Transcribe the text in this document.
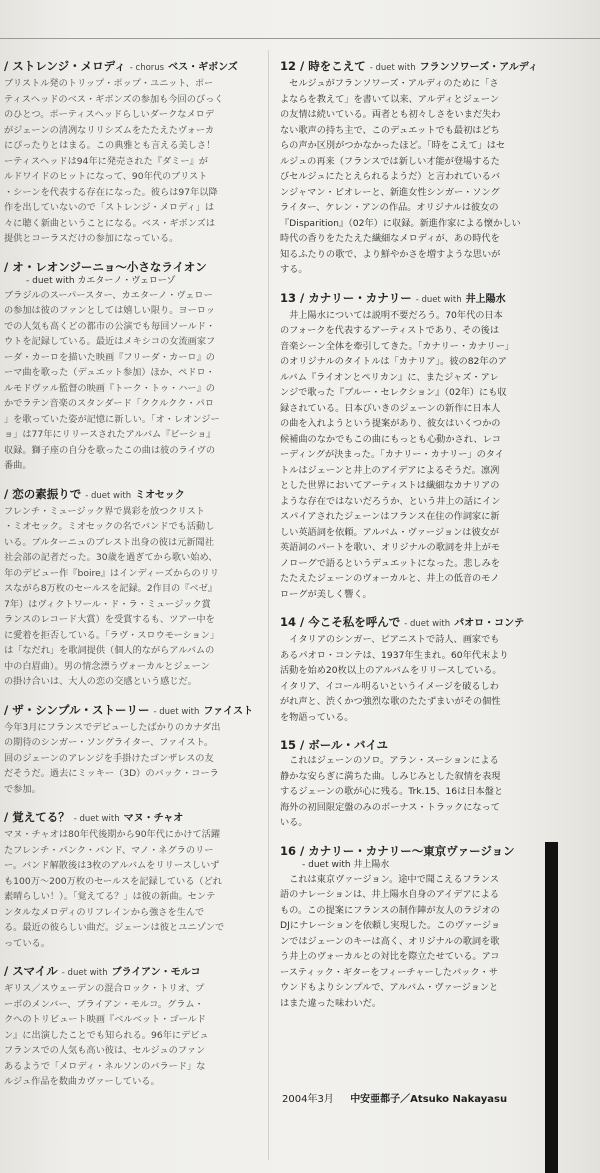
/ ストレンジ・メロディ - chorus ベス・ギボンズ
ブリストル発のトリップ・ポップ・ユニット、ポー
ティスヘッドのベス・ギボンズの参加も今回のびっく
のひとつ。ポーティスヘッドらしいダークなメロデ
がジェーンの清冽なリリシズムをたたえたヴォーカ
にぴったりとはまる。この典雅とも言える美しさ！
ーティスヘッドは94年に発売された『ダミー』が
ルドワイドのヒットになって、90年代のブリスト
・シーンを代表する存在になった。彼らは97年以降
作を出していないので「ストレンジ・メロディ」は
々に聴く新曲ということになる。ベス・ギボンズは
提供とコーラスだけの参加になっている。
/ オ・レオンジーニョ〜小さなライオン
- duet with カエターノ・ヴェローゾ
ブラジルのスーパースター、カエターノ・ヴェロー
の参加は彼のファンとしては嬉しい限り。ヨーロッ
での人気も高くどの都市の公演でも毎回ソールド・
ウトを記録している。最近はメキシコの女流画家フ
ーダ・カーロを描いた映画『フリーダ・カーロ』の
ーマ曲を歌った（デュエット参加）ほか、ペドロ・
ルモドヴァル監督の映画『トーク・トゥ・ハー』の
かでラテン音楽のスタンダード「ククルクク・パロ
」を歌っていた姿が記憶に新しい。「オ・レオンジー
ョ」は77年にリリースされたアルバム『ビーショ』
収録。獅子座の自分を歌ったこの曲は彼のライヴの
番曲。
/ 恋の素振りで - duet with ミオセック
フレンチ・ミュージック界で異彩を放つクリスト
・ミオセック。ミオセックの名でバンドでも活動し
いる。ブルターニュのブレスト出身の彼は元新聞社
社会部の記者だった。30歳を過ぎてから歌い始め、
年のデビュー作『boire』はインディーズからのリリ
スながら8万枚のセールスを記録。2作目の『ベゼ』
7年）はヴィクトワール・ド・ラ・ミュージック賞
ランスのレコード大賞）を受賞するも、ツアー中を
に愛着を拒否している。「ラヴ・スロウモーション」
は「なだれ」を歌詞提供（個人的ながらアルバムの
中の白眉曲）。男の情念漂うヴォーカルとジェーン
の掛け合いは、大人の恋の交感という感じだ。
/ ザ・シンプル・ストーリー - duet with ファイスト
今年3月にフランスでデビューしたばかりのカナダ出
の期待のシンガー・ソングライター、ファイスト。
回のジェーンのアレンジを手掛けたゴンザレスの友
だそうだ。過去にミッキー（3D）のバック・コーラ
で参加。
/ 覚えてる？ - duet with マヌ・チャオ
マヌ・チャオは80年代後期から90年代にかけて活躍
たフレンチ・パンク・バンド、マノ・ネグラのリー
ー。バンド解散後は3枚のアルバムをリリースしいず
も100万〜200万枚のセールスを記録している（どれ
素晴らしい！）。「覚えてる？」は彼の新曲。センテ
ンタルなメロディのリフレインから強さを生んで
る。最近の彼らしい曲だ。ジェーンは彼とユニゾンで
っている。
/ スマイル - duet with ブライアン・モルコ
ギリス／スウェーデンの混合ロック・トリオ、プ
ーボのメンバー、ブライアン・モルコ。グラム・
クへのトリビュート映画『ベルベット・ゴールド
ン』に出演したことでも知られる。96年にデビュ
フランスでの人気も高い彼は、セルジュのファン
あるようで「メロディ・ネルソンのバラード」な
ルジュ作品を数曲カヴァーしている。
12 / 時をこえて - duet with フランソワーズ・アルディ
　セルジュがフランソワーズ・アルディのために「さ
よならを教えて」を書いて以来、アルディとジェーン
の友情は続いている。両者とも初々しさをいまだ失わ
ない歌声の持ち主で、このデュエットでも最初はどち
らの声か区別がつかなかったほど。「時をこえて」はセ
ルジュの再来（フランスでは新しい才能が登場するた
びセルジュにたとえられるようだ）と言われているバ
ンジャマン・ビオレーと、新進女性シンガー・ソング
ライター、ケレン・アンの作品。オリジナルは彼女の
『Disparition』（02年）に収録。新進作家による懐かしい
時代の香りをたたえた繊細なメロディが、あの時代を
知るふたりの歌で、より鮮やかさを増すような思いが
する。
13 / カナリー・カナリー - duet with 井上陽水
　井上陽水については説明不要だろう。70年代の日本
のフォークを代表するアーティストであり、その後は
音楽シーン全体を牽引してきた。「カナリー・カナリー」
のオリジナルのタイトルは「カナリア」。彼の82年のア
ルバム『ライオンとペリカン』に、またジャズ・アレ
ンジで歌った『ブルー・セレクション』（02年）にも収
録されている。日本びいきのジェーンの新作に日本人
の曲を入れようという提案があり、彼女はいくつかの
候補曲のなかでもこの曲にもっとも心動かされ、レコ
ーディングが決まった。「カナリー・カナリー」のタイ
トルはジェーンと井上のアイデアによるそうだ。凛冽
とした世界においてアーティストは繊細なカナリアの
ような存在ではないだろうか、という井上の話にイン
スパイアされたジェーンはフランス在住の作詞家に新
しい英語詞を依頼。アルバム・ヴァージョンは彼女が
英語詞のパートを歌い、オリジナルの歌詞を井上がモ
ノローグで語るというデュエットになった。悲しみを
たたえたジェーンのヴォーカルと、井上の低音のモノ
ローグが美しく響く。
14 / 今こそ私を呼んで - duet with パオロ・コンテ
　イタリアのシンガー、ピアニストで詩人、画家でも
あるパオロ・コンテは、1937年生まれ。60年代末より
活動を始め20枚以上のアルバムをリリースしている。
イタリア、イコール明るいというイメージを破るしわ
がれ声と、渋くかつ強烈な歌のたたずまいがその個性
を物語っている。
15 / ボール・バイユ
　これはジェーンのソロ。アラン・スーションによる
静かな安らぎに満ちた曲。しみじみとした叙情を表現
するジェーンの歌が心に残る。Trk.15、16は日本盤と
海外の初回限定盤のみのボーナス・トラックになって
いる。
16 / カナリー・カナリー〜東京ヴァージョン
- duet with 井上陽水
　これは東京ヴァージョン。途中で聞こえるフランス
語のナレーションは、井上陽水自身のアイデアによる
もの。この提案にフランスの制作陣が友人のラジオの
DJにナレーションを依頼し実現した。このヴァージョ
ンではジェーンのキーは高く、オリジナルの歌詞を歌
う井上のヴォーカルとの対比を際立たせている。アコ
ースティック・ギターをフィーチャーしたバック・サ
ウンドもよりシンプルで、アルバム・ヴァージョンと
はまた違った味わいだ。
2004年3月 中安亜都子／Atsuko Nakayasu
